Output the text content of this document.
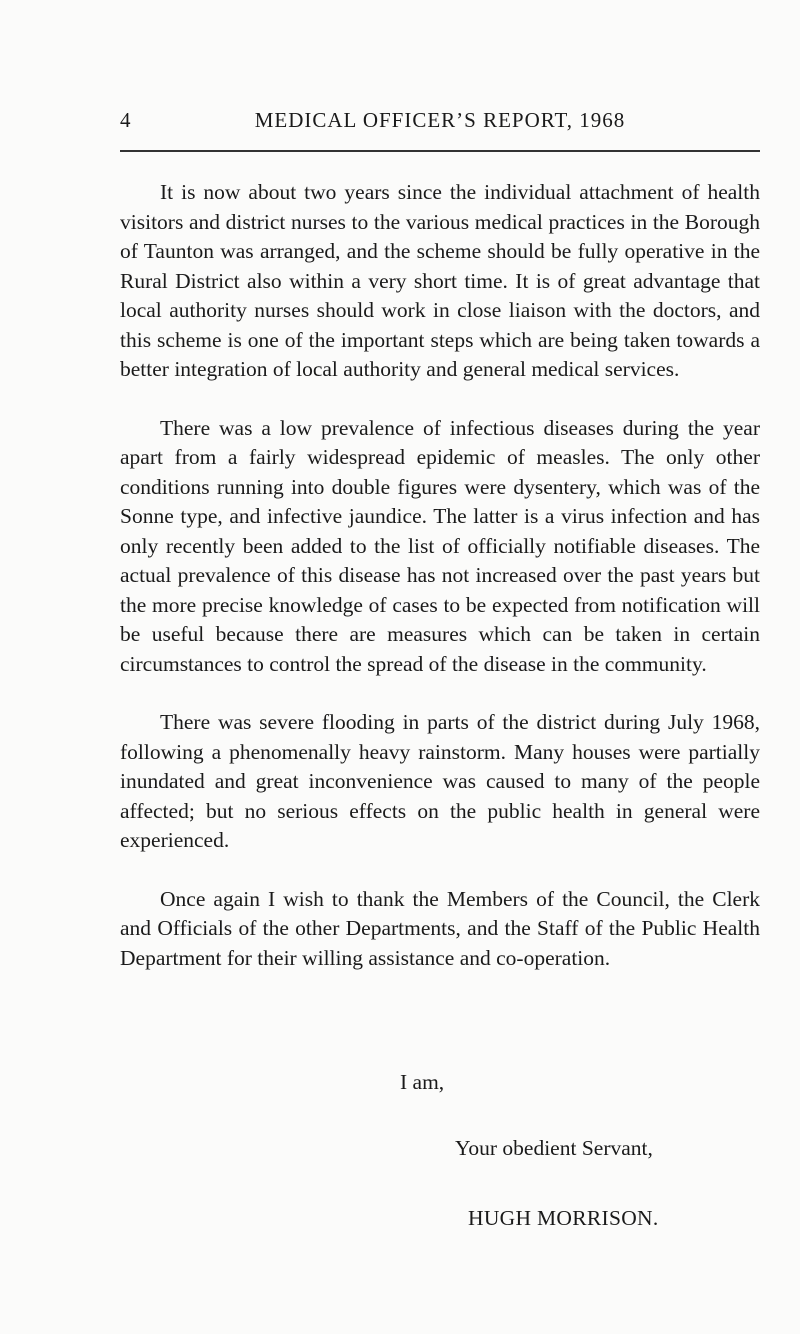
4	MEDICAL OFFICER’S REPORT, 1968

It is now about two years since the individual attachment of health visitors and district nurses to the various medical practices in the Borough of Taunton was arranged, and the scheme should be fully operative in the Rural District also within a very short time. It is of great advantage that local authority nurses should work in close liaison with the doctors, and this scheme is one of the important steps which are being taken towards a better integration of local authority and general medical services.

There was a low prevalence of infectious diseases during the year apart from a fairly widespread epidemic of measles. The only other conditions running into double figures were dysentery, which was of the Sonne type, and infective jaundice. The latter is a virus infection and has only recently been added to the list of officially notifiable diseases. The actual prevalence of this disease has not increased over the past years but the more precise knowledge of cases to be expected from notification will be useful because there are measures which can be taken in certain circumstances to control the spread of the disease in the community.

There was severe flooding in parts of the district during July 1968, following a phenomenally heavy rainstorm. Many houses were partially inundated and great inconvenience was caused to many of the people affected; but no serious effects on the public health in general were experienced.

Once again I wish to thank the Members of the Council, the Clerk and Officials of the other Departments, and the Staff of the Public Health Department for their willing assistance and co-operation.

I am,
Your obedient Servant,
HUGH MORRISON.
